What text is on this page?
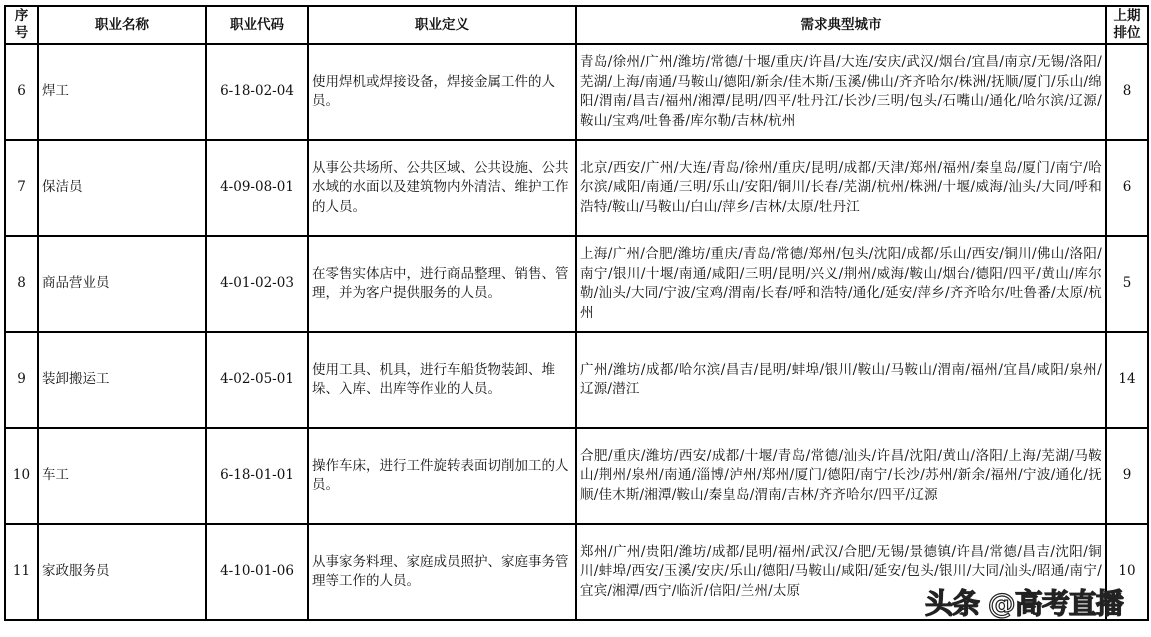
序号	职业名称	职业代码	职业定义	需求典型城市	上期排位
6	焊工	6-18-02-04	使用焊机或焊接设备，焊接金属工件的人员。	青岛/徐州/广州/潍坊/常德/十堰/重庆/许昌/大连/安庆/武汉/烟台/宜昌/南京/无锡/洛阳/芜湖/上海/南通/马鞍山/德阳/新余/佳木斯/玉溪/佛山/齐齐哈尔/株洲/抚顺/厦门/乐山/绵阳/渭南/昌吉/福州/湘潭/昆明/四平/牡丹江/长沙/三明/包头/石嘴山/通化/哈尔滨/辽源/鞍山/宝鸡/吐鲁番/库尔勒/吉林/杭州	8
7	保洁员	4-09-08-01	从事公共场所、公共区域、公共设施、公共水域的水面以及建筑物内外清洁、维护工作的人员。	北京/西安/广州/大连/青岛/徐州/重庆/昆明/成都/天津/郑州/福州/秦皇岛/厦门/南宁/哈尔滨/咸阳/南通/三明/乐山/安阳/铜川/长春/芜湖/杭州/株洲/十堰/威海/汕头/大同/呼和浩特/鞍山/马鞍山/白山/萍乡/吉林/太原/牡丹江	6
8	商品营业员	4-01-02-03	在零售实体店中，进行商品整理、销售、管理，并为客户提供服务的人员。	上海/广州/合肥/潍坊/重庆/青岛/常德/郑州/包头/沈阳/成都/乐山/西安/铜川/佛山/洛阳/南宁/银川/十堰/南通/咸阳/三明/昆明/兴义/荆州/威海/鞍山/烟台/德阳/四平/黄山/库尔勒/汕头/大同/宁波/宝鸡/渭南/长春/呼和浩特/通化/延安/萍乡/齐齐哈尔/吐鲁番/太原/杭州	5
9	装卸搬运工	4-02-05-01	使用工具、机具，进行车船货物装卸、堆垛、入库、出库等作业的人员。	广州/潍坊/成都/哈尔滨/昌吉/昆明/蚌埠/银川/鞍山/马鞍山/渭南/福州/宜昌/咸阳/泉州/辽源/潜江	14
10	车工	6-18-01-01	操作车床，进行工件旋转表面切削加工的人员。	合肥/重庆/潍坊/西安/成都/十堰/青岛/常德/汕头/许昌/沈阳/黄山/洛阳/上海/芜湖/马鞍山/荆州/泉州/南通/淄博/泸州/郑州/厦门/德阳/南宁/长沙/苏州/新余/福州/宁波/通化/抚顺/佳木斯/湘潭/鞍山/秦皇岛/渭南/吉林/齐齐哈尔/四平/辽源	9
11	家政服务员	4-10-01-06	从事家务料理、家庭成员照护、家庭事务管理等工作的人员。	郑州/广州/贵阳/潍坊/成都/昆明/福州/武汉/合肥/无锡/景德镇/许昌/常德/昌吉/沈阳/铜川/蚌埠/西安/玉溪/安庆/乐山/德阳/马鞍山/咸阳/延安/包头/银川/大同/汕头/昭通/南宁/宜宾/湘潭/西宁/临沂/信阳/兰州/太原	10
头条 @高考直播
